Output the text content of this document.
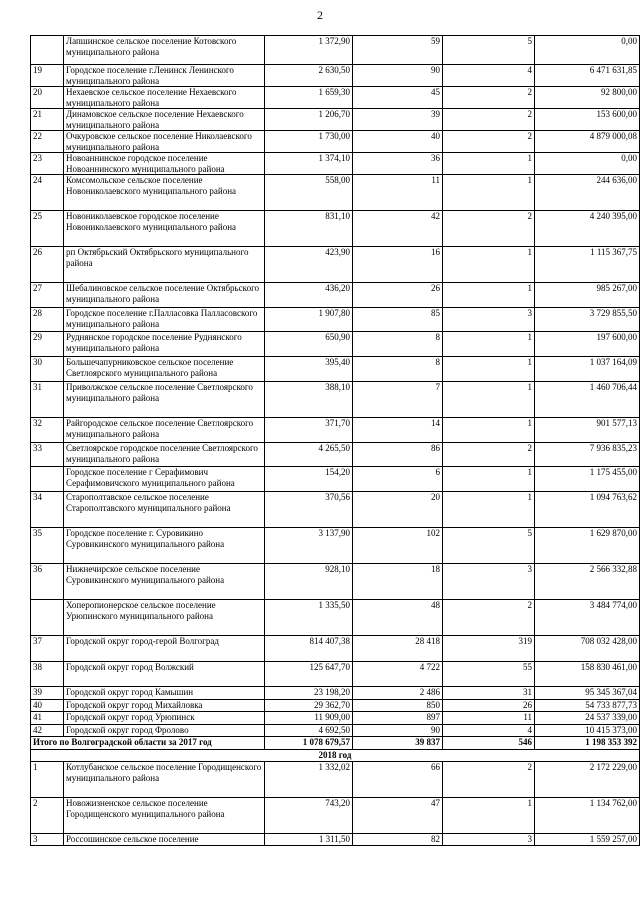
2
	Лапшинское сельское поселение Котовского муниципального района	1 372,90	59	5	0,00
19	Городское поселение г.Ленинск Ленинского муниципального района	2 630,50	90	4	6 471 631,85
20	Нехаевское сельское поселение Нехаевского муниципального района	1 659,30	45	2	92 800,00
21	Динамовское сельское поселение Нехаевского муниципального района	1 206,70	39	2	153 600,00
22	Очкуровское сельское поселение Николаевского муниципального района	1 730,00	40	2	4 879 000,08
23	Новоаннинское городское поселение Новоаннинского муниципального района	1 374,10	36	1	0,00
24	Комсомольское сельское поселение Новониколаевского муниципального района	558,00	11	1	244 636,00
25	Новониколаевское городское поселение Новониколаевского муниципального района	831,10	42	2	4 240 395,00
26	рп Октябрьский Октябрьского муниципального района	423,90	16	1	1 115 367,75
27	Шебалиновское сельское поселение Октябрьского муниципального района	436,20	26	1	985 267,00
28	Городское поселение г.Палласовка Палласовского муниципального района	1 907,80	85	3	3 729 855,50
29	Руднянское городское поселение Руднянского муниципального района	650,90	8	1	197 600,00
30	Большечапурниковское сельское поселение Светлоярского муниципального района	395,40	8	1	1 037 164,09
31	Приволжское сельское поселение Светлоярского муниципального района	388,10	7	1	1 460 706,44
32	Райгородское сельское поселение Светлоярского муниципального района	371,70	14	1	901 577,13
33	Светлоярское городское поселение Светлоярского муниципального района	4 265,50	86	2	7 936 835,23
	Городское поселение г Серафимович Серафимовичского муниципального района	154,20	6	1	1 175 455,00
34	Старополтавское сельское поселение Старополтавского муниципального района	370,56	20	1	1 094 763,62
35	Городское поселение г. Суровикино Суровикинского муниципального района	3 137,90	102	5	1 629 870,00
36	Нижнечирское сельское поселение Суровикинского муниципального района	928,10	18	3	2 566 332,88
	Хоперопионерское сельское поселение Урюпинского муниципального района	1 335,50	48	2	3 484 774,00
37	Городской округ город-герой Волгоград	814 407,38	28 418	319	708 032 428,00
38	Городской округ город Волжский	125 647,70	4 722	55	158 830 461,00
39	Городской округ город Камышин	23 198,20	2 486	31	95 345 367,04
40	Городской округ город Михайловка	29 362,70	850	26	54 733 877,73
41	Городской округ город Урюпинск	11 909,00	897	11	24 537 339,00
42	Городской округ город Фролово	4 692,50	90	4	10 415 373,00
Итого по Волгоградской области за 2017 год		1 078 679,57	39 837	546	1 198 353 392
2018 год					
1	Котлубанское сельское поселение Городищенского муниципального района	1 332,02	66	2	2 172 229,00
2	Новожизненское сельское поселение Городищенского муниципального района	743,20	47	1	1 134 762,00
3	Россошинское сельское поселение	1 311,50	82	3	1 559 257,00
